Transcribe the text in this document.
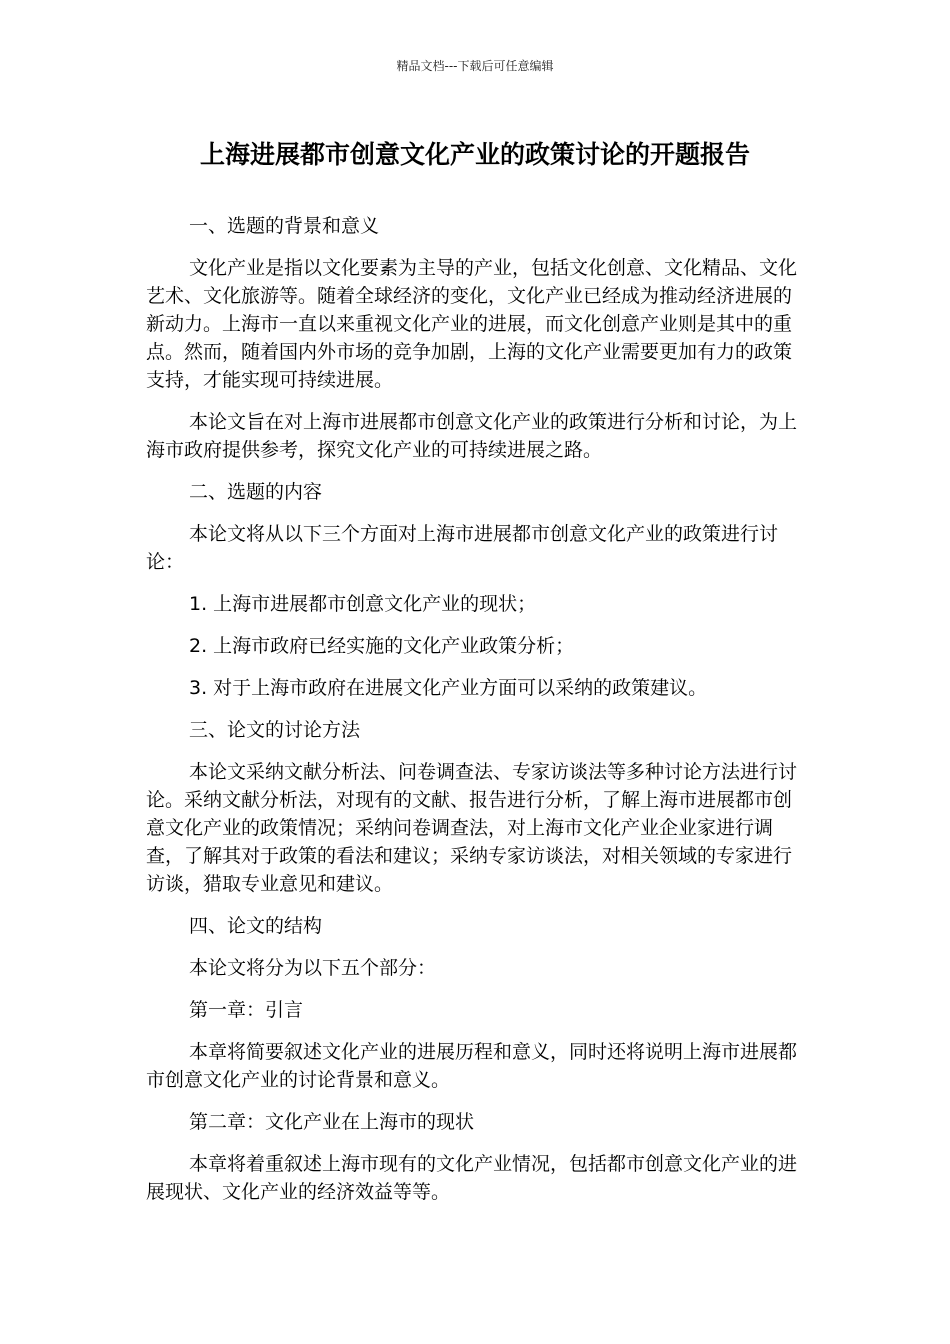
精品文档---下载后可任意编辑
上海进展都市创意文化产业的政策讨论的开题报告

一、选题的背景和意义

文化产业是指以文化要素为主导的产业，包括文化创意、文化精品、文化艺术、文化旅游等。随着全球经济的变化，文化产业已经成为推动经济进展的新动力。上海市一直以来重视文化产业的进展，而文化创意产业则是其中的重点。然而，随着国内外市场的竞争加剧，上海的文化产业需要更加有力的政策支持，才能实现可持续进展。

本论文旨在对上海市进展都市创意文化产业的政策进行分析和讨论，为上海市政府提供参考，探究文化产业的可持续进展之路。

二、选题的内容

本论文将从以下三个方面对上海市进展都市创意文化产业的政策进行讨论：

1. 上海市进展都市创意文化产业的现状；

2. 上海市政府已经实施的文化产业政策分析；

3. 对于上海市政府在进展文化产业方面可以采纳的政策建议。

三、论文的讨论方法

本论文采纳文献分析法、问卷调查法、专家访谈法等多种讨论方法进行讨论。采纳文献分析法，对现有的文献、报告进行分析，了解上海市进展都市创意文化产业的政策情况；采纳问卷调查法，对上海市文化产业企业家进行调查，了解其对于政策的看法和建议；采纳专家访谈法，对相关领域的专家进行访谈，猎取专业意见和建议。

四、论文的结构

本论文将分为以下五个部分：

第一章：引言

本章将简要叙述文化产业的进展历程和意义，同时还将说明上海市进展都市创意文化产业的讨论背景和意义。

第二章：文化产业在上海市的现状

本章将着重叙述上海市现有的文化产业情况，包括都市创意文化产业的进展现状、文化产业的经济效益等等。
